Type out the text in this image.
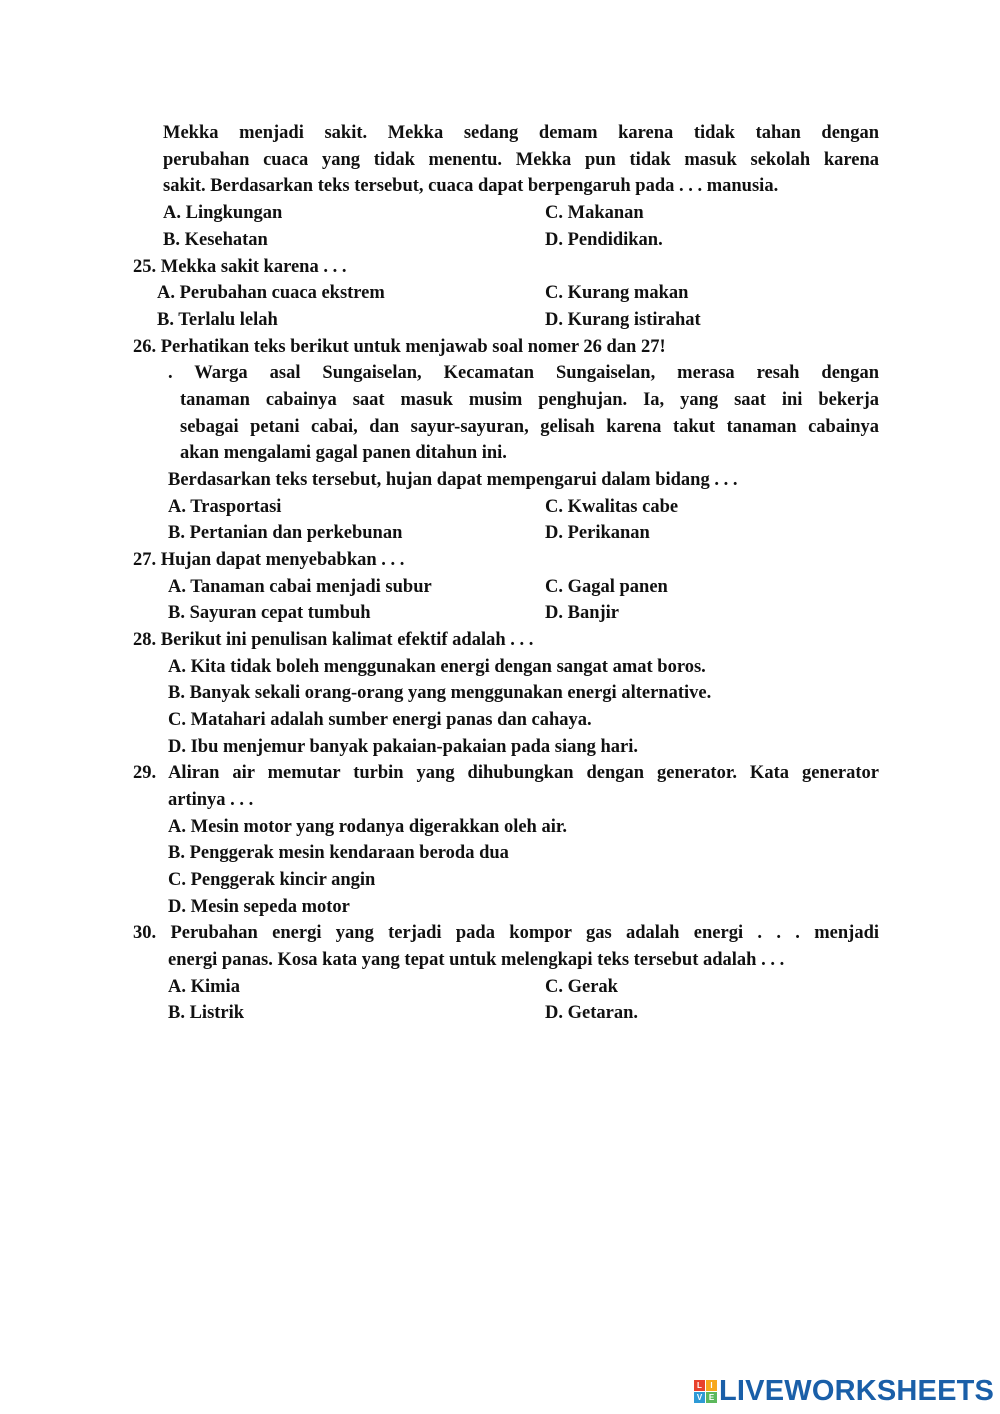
Mekka menjadi sakit. Mekka sedang demam karena tidak tahan dengan
perubahan cuaca yang tidak menentu. Mekka pun tidak masuk sekolah karena
sakit. Berdasarkan teks tersebut, cuaca dapat berpengaruh pada . . . manusia.
A. Lingkungan	C. Makanan
B. Kesehatan	D. Pendidikan.
25. Mekka sakit karena . . .
A. Perubahan cuaca ekstrem	C. Kurang makan
B. Terlalu lelah	D. Kurang istirahat
26. Perhatikan teks berikut untuk menjawab soal nomer 26 dan 27!
. Warga asal Sungaiselan, Kecamatan Sungaiselan, merasa resah dengan
tanaman cabainya saat masuk musim penghujan. Ia, yang saat ini bekerja
sebagai petani cabai, dan sayur-sayuran, gelisah karena takut tanaman cabainya
akan mengalami gagal panen ditahun ini.
Berdasarkan teks tersebut, hujan dapat mempengarui dalam bidang . . .
A. Trasportasi	C. Kwalitas cabe
B. Pertanian dan perkebunan	D. Perikanan
27. Hujan dapat menyebabkan . . .
A. Tanaman cabai menjadi subur	C. Gagal panen
B. Sayuran cepat tumbuh	D. Banjir
28. Berikut ini penulisan kalimat efektif adalah . . .
A. Kita tidak boleh menggunakan energi dengan sangat amat boros.
B. Banyak sekali orang-orang yang menggunakan energi alternative.
C. Matahari adalah sumber energi panas dan cahaya.
D. Ibu menjemur banyak pakaian-pakaian pada siang hari.
29. Aliran air memutar turbin yang dihubungkan dengan generator. Kata generator
artinya . . .
A. Mesin motor yang rodanya digerakkan oleh air.
B. Penggerak mesin kendaraan beroda dua
C. Penggerak kincir angin
D. Mesin sepeda motor
30. Perubahan energi yang terjadi pada kompor gas adalah energi . . . menjadi
energi panas. Kosa kata yang tepat untuk melengkapi teks tersebut adalah . . .
A. Kimia	C. Gerak
B. Listrik	D. Getaran.
L	I
V E LIVEWORKSHEETS
